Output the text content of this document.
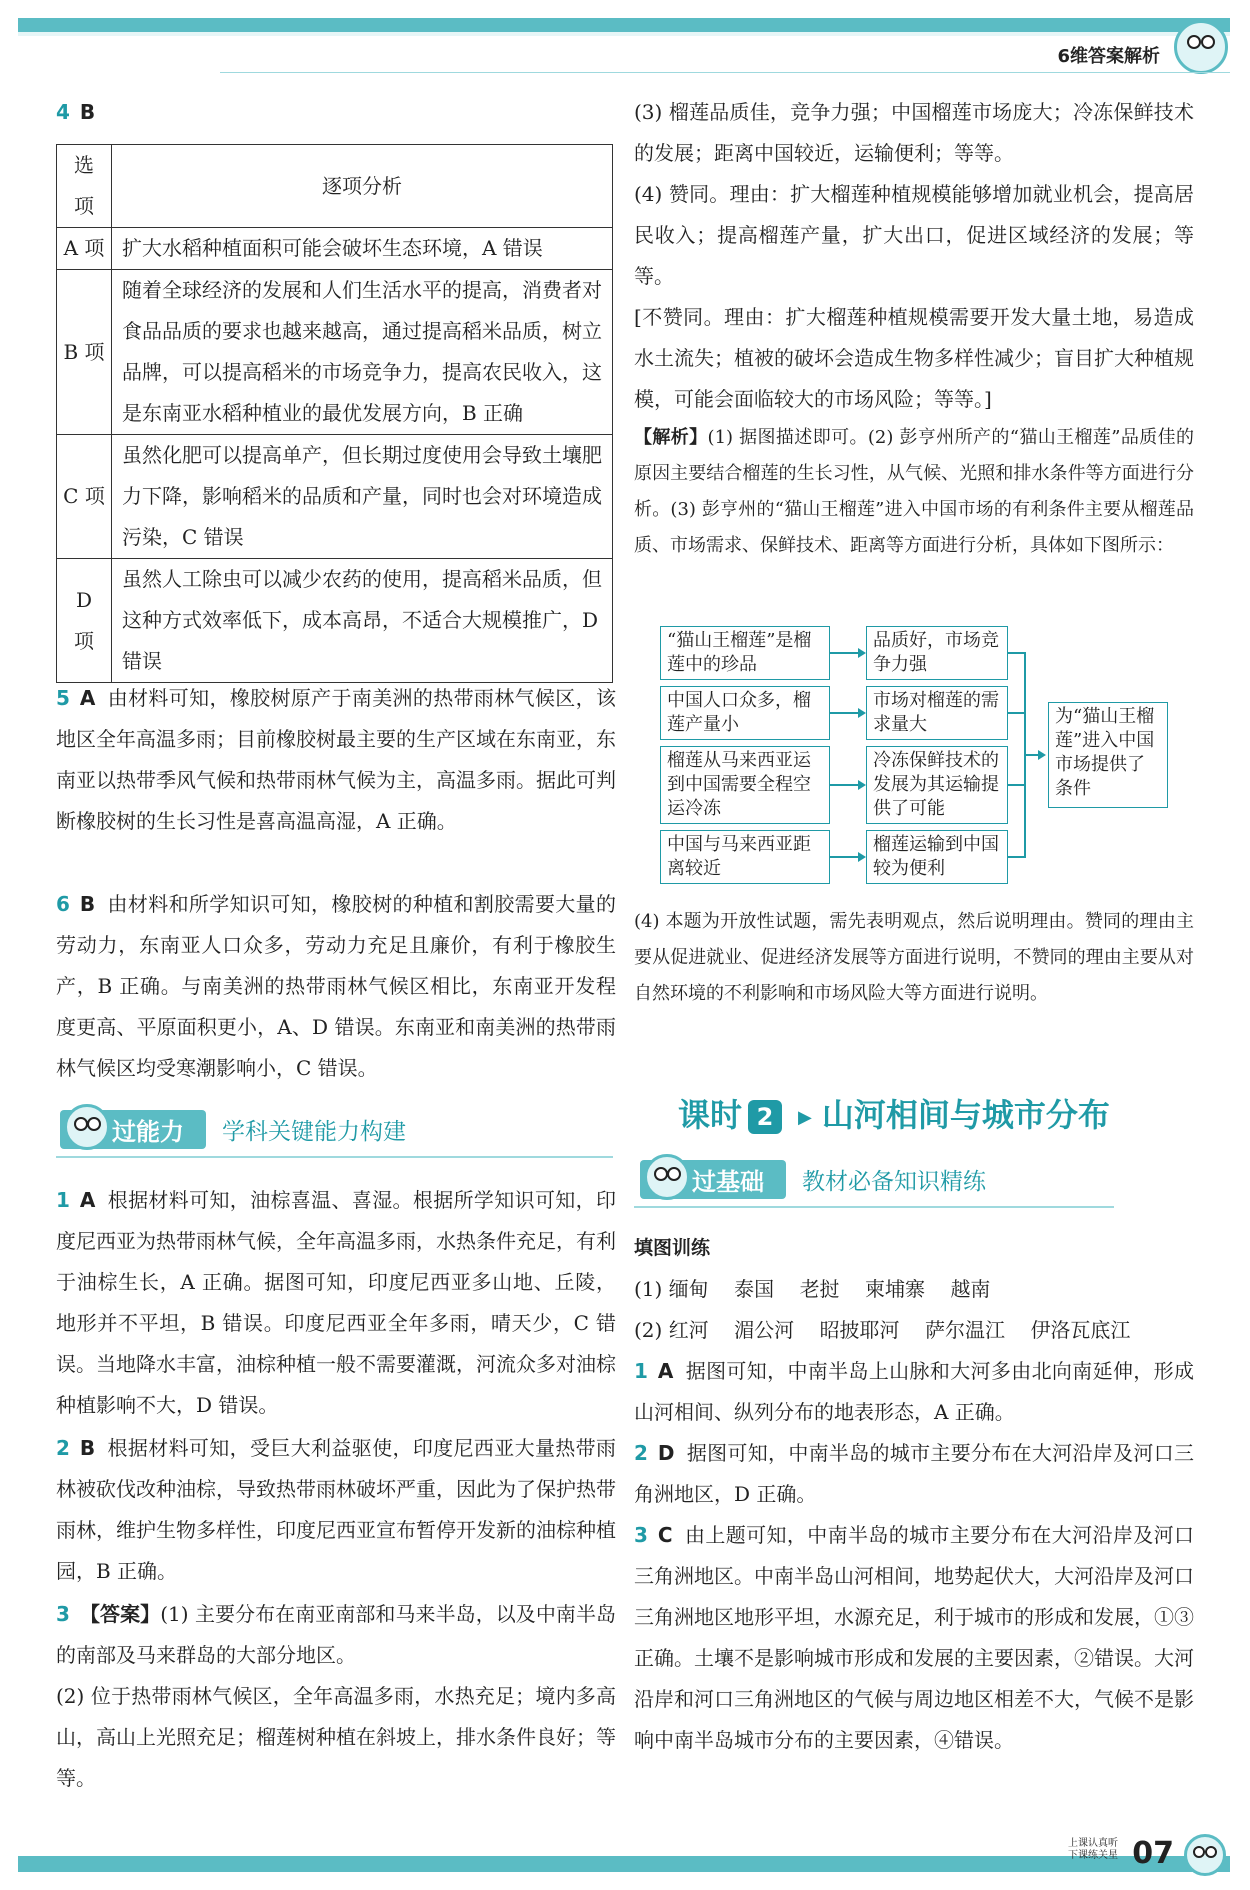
6维答案解析
4 B
选项	逐项分析
A 项	扩大水稻种植面积可能会破坏生态环境，A 错误
B 项	随着全球经济的发展和人们生活水平的提高，消费者对食品品质的要求也越来越高，通过提高稻米品质，树立品牌，可以提高稻米的市场竞争力，提高农民收入，这是东南亚水稻种植业的最优发展方向，B 正确
C 项	虽然化肥可以提高单产，但长期过度使用会导致土壤肥力下降，影响稻米的品质和产量，同时也会对环境造成污染，C 错误
D 项	虽然人工除虫可以减少农药的使用，提高稻米品质，但这种方式效率低下，成本高昂，不适合大规模推广，D 错误

5 A 由材料可知，橡胶树原产于南美洲的热带雨林气候区，该地区全年高温多雨；目前橡胶树最主要的生产区域在东南亚，东南亚以热带季风气候和热带雨林气候为主，高温多雨。据此可判断橡胶树的生长习性是喜高温高湿，A 正确。

6 B 由材料和所学知识可知，橡胶树的种植和割胶需要大量的劳动力，东南亚人口众多，劳动力充足且廉价，有利于橡胶生产，B 正确。与南美洲的热带雨林气候区相比，东南亚开发程度更高、平原面积更小，A、D 错误。东南亚和南美洲的热带雨林气候区均受寒潮影响小，C 错误。

过能力 学科关键能力构建

1 A 根据材料可知，油棕喜温、喜湿。根据所学知识可知，印度尼西亚为热带雨林气候，全年高温多雨，水热条件充足，有利于油棕生长，A 正确。据图可知，印度尼西亚多山地、丘陵，地形并不平坦，B 错误。印度尼西亚全年多雨，晴天少，C 错误。当地降水丰富，油棕种植一般不需要灌溉，河流众多对油棕种植影响不大，D 错误。

2 B 根据材料可知，受巨大利益驱使，印度尼西亚大量热带雨林被砍伐改种油棕，导致热带雨林破坏严重，因此为了保护热带雨林，维护生物多样性，印度尼西亚宣布暂停开发新的油棕种植园，B 正确。

3 【答案】(1) 主要分布在南亚南部和马来半岛，以及中南半岛的南部及马来群岛的大部分地区。

(2) 位于热带雨林气候区，全年高温多雨，水热充足；境内多高山，高山上光照充足；榴莲树种植在斜坡上，排水条件良好；等等。

(3) 榴莲品质佳，竞争力强；中国榴莲市场庞大；冷冻保鲜技术的发展；距离中国较近，运输便利；等等。

(4) 赞同。理由：扩大榴莲种植规模能够增加就业机会，提高居民收入；提高榴莲产量，扩大出口，促进区域经济的发展；等等。

[不赞同。理由：扩大榴莲种植规模需要开发大量土地，易造成水土流失；植被的破坏会造成生物多样性减少；盲目扩大种植规模，可能会面临较大的市场风险；等等。]

【解析】(1) 据图描述即可。(2) 彭亨州所产的“猫山王榴莲”品质佳的原因主要结合榴莲的生长习性，从气候、光照和排水条件等方面进行分析。(3) 彭亨州的“猫山王榴莲”进入中国市场的有利条件主要从榴莲品质、市场需求、保鲜技术、距离等方面进行分析，具体如下图所示：

“猫山王榴莲”是榴莲中的珍品
中国人口众多，榴莲产量小
榴莲从马来西亚运到中国需要全程空运冷冻
中国与马来西亚距离较近
品质好，市场竞争力强
市场对榴莲的需求量大
冷冻保鲜技术的发展为其运输提供了可能
榴莲运输到中国较为便利
为“猫山王榴莲”进入中国市场提供了条件

(4) 本题为开放性试题，需先表明观点，然后说明理由。赞同的理由主要从促进就业、促进经济发展等方面进行说明，不赞同的理由主要从对自然环境的不利影响和市场风险大等方面进行说明。

课时 2 ▶ 山河相间与城市分布
过基础 教材必备知识精练

填图训练

(1) 缅甸 泰国 老挝 柬埔寨 越南

(2) 红河 湄公河 昭披耶河 萨尔温江 伊洛瓦底江

1 A 据图可知，中南半岛上山脉和大河多由北向南延伸，形成山河相间、纵列分布的地表形态，A 正确。

2 D 据图可知，中南半岛的城市主要分布在大河沿岸及河口三角洲地区，D 正确。

3 C 由上题可知，中南半岛的城市主要分布在大河沿岸及河口三角洲地区。中南半岛山河相间，地势起伏大，大河沿岸及河口三角洲地区地形平坦，水源充足，利于城市的形成和发展，①③正确。土壤不是影响城市形成和发展的主要因素，②错误。大河沿岸和河口三角洲地区的气候与周边地区相差不大，气候不是影响中南半岛城市分布的主要因素，④错误。

上课认真听
下课练关星 07
